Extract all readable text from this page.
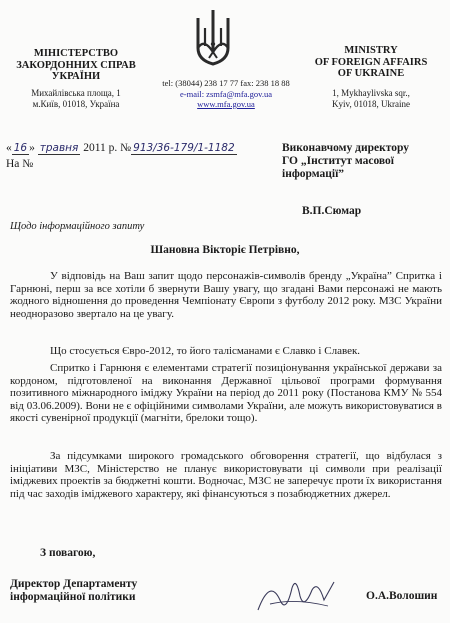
МІНІСТЕРСТВО
ЗАКОРДОННИХ СПРАВ
УКРАЇНИ
Михайлівська площа, 1
м.Київ, 01018, Україна
MINISTRY
OF FOREIGN AFFAIRS
OF UKRAINE
1, Mykhaylivska sqr.,
Kyiv, 01018, Ukraine
tel: (38044) 238 17 77 fax: 238 18 88
e-mail: zsmfa@mfa.gov.ua
www.mfa.gov.ua
« 16 » травня 2011 р. № 913/36-179/1-1182
На №
Виконавчому директору
ГО „Інститут масової
інформації”
В.П.Сюмар
Щодо інформаційного запиту
Шановна Вікторіє Петрівно,

У відповідь на Ваш запит щодо персонажів-символів бренду „Україна” Спритка і Гарнюні, перш за все хотіли б звернути Вашу увагу, що згадані Вами персонажі не мають жодного відношення до проведення Чемпіонату Європи з футболу 2012 року. МЗС України неодноразово звертало на це увагу.

Що стосується Євро-2012, то його талісманами є Славко і Славек.

Спритко і Гарнюня є елементами стратегії позиціонування української держави за кордоном, підготовленої на виконання Державної цільової програми формування позитивного міжнародного іміджу України на період до 2011 року (Постанова КМУ № 554 від 03.06.2009). Вони не є офіційними символами України, але можуть використовуватися в якості сувенірної продукції (магніти, брелоки тощо).

За підсумками широкого громадського обговорення стратегії, що відбулася з ініціативи МЗС, Міністерство не планує використовувати ці символи при реалізації іміджевих проектів за бюджетні кошти. Водночас, МЗС не заперечує проти їх використання під час заходів іміджевого характеру, які фінансуються з позабюджетних джерел.

З повагою,
Директор Департаменту
інформаційної політики	О.А.Волошин
